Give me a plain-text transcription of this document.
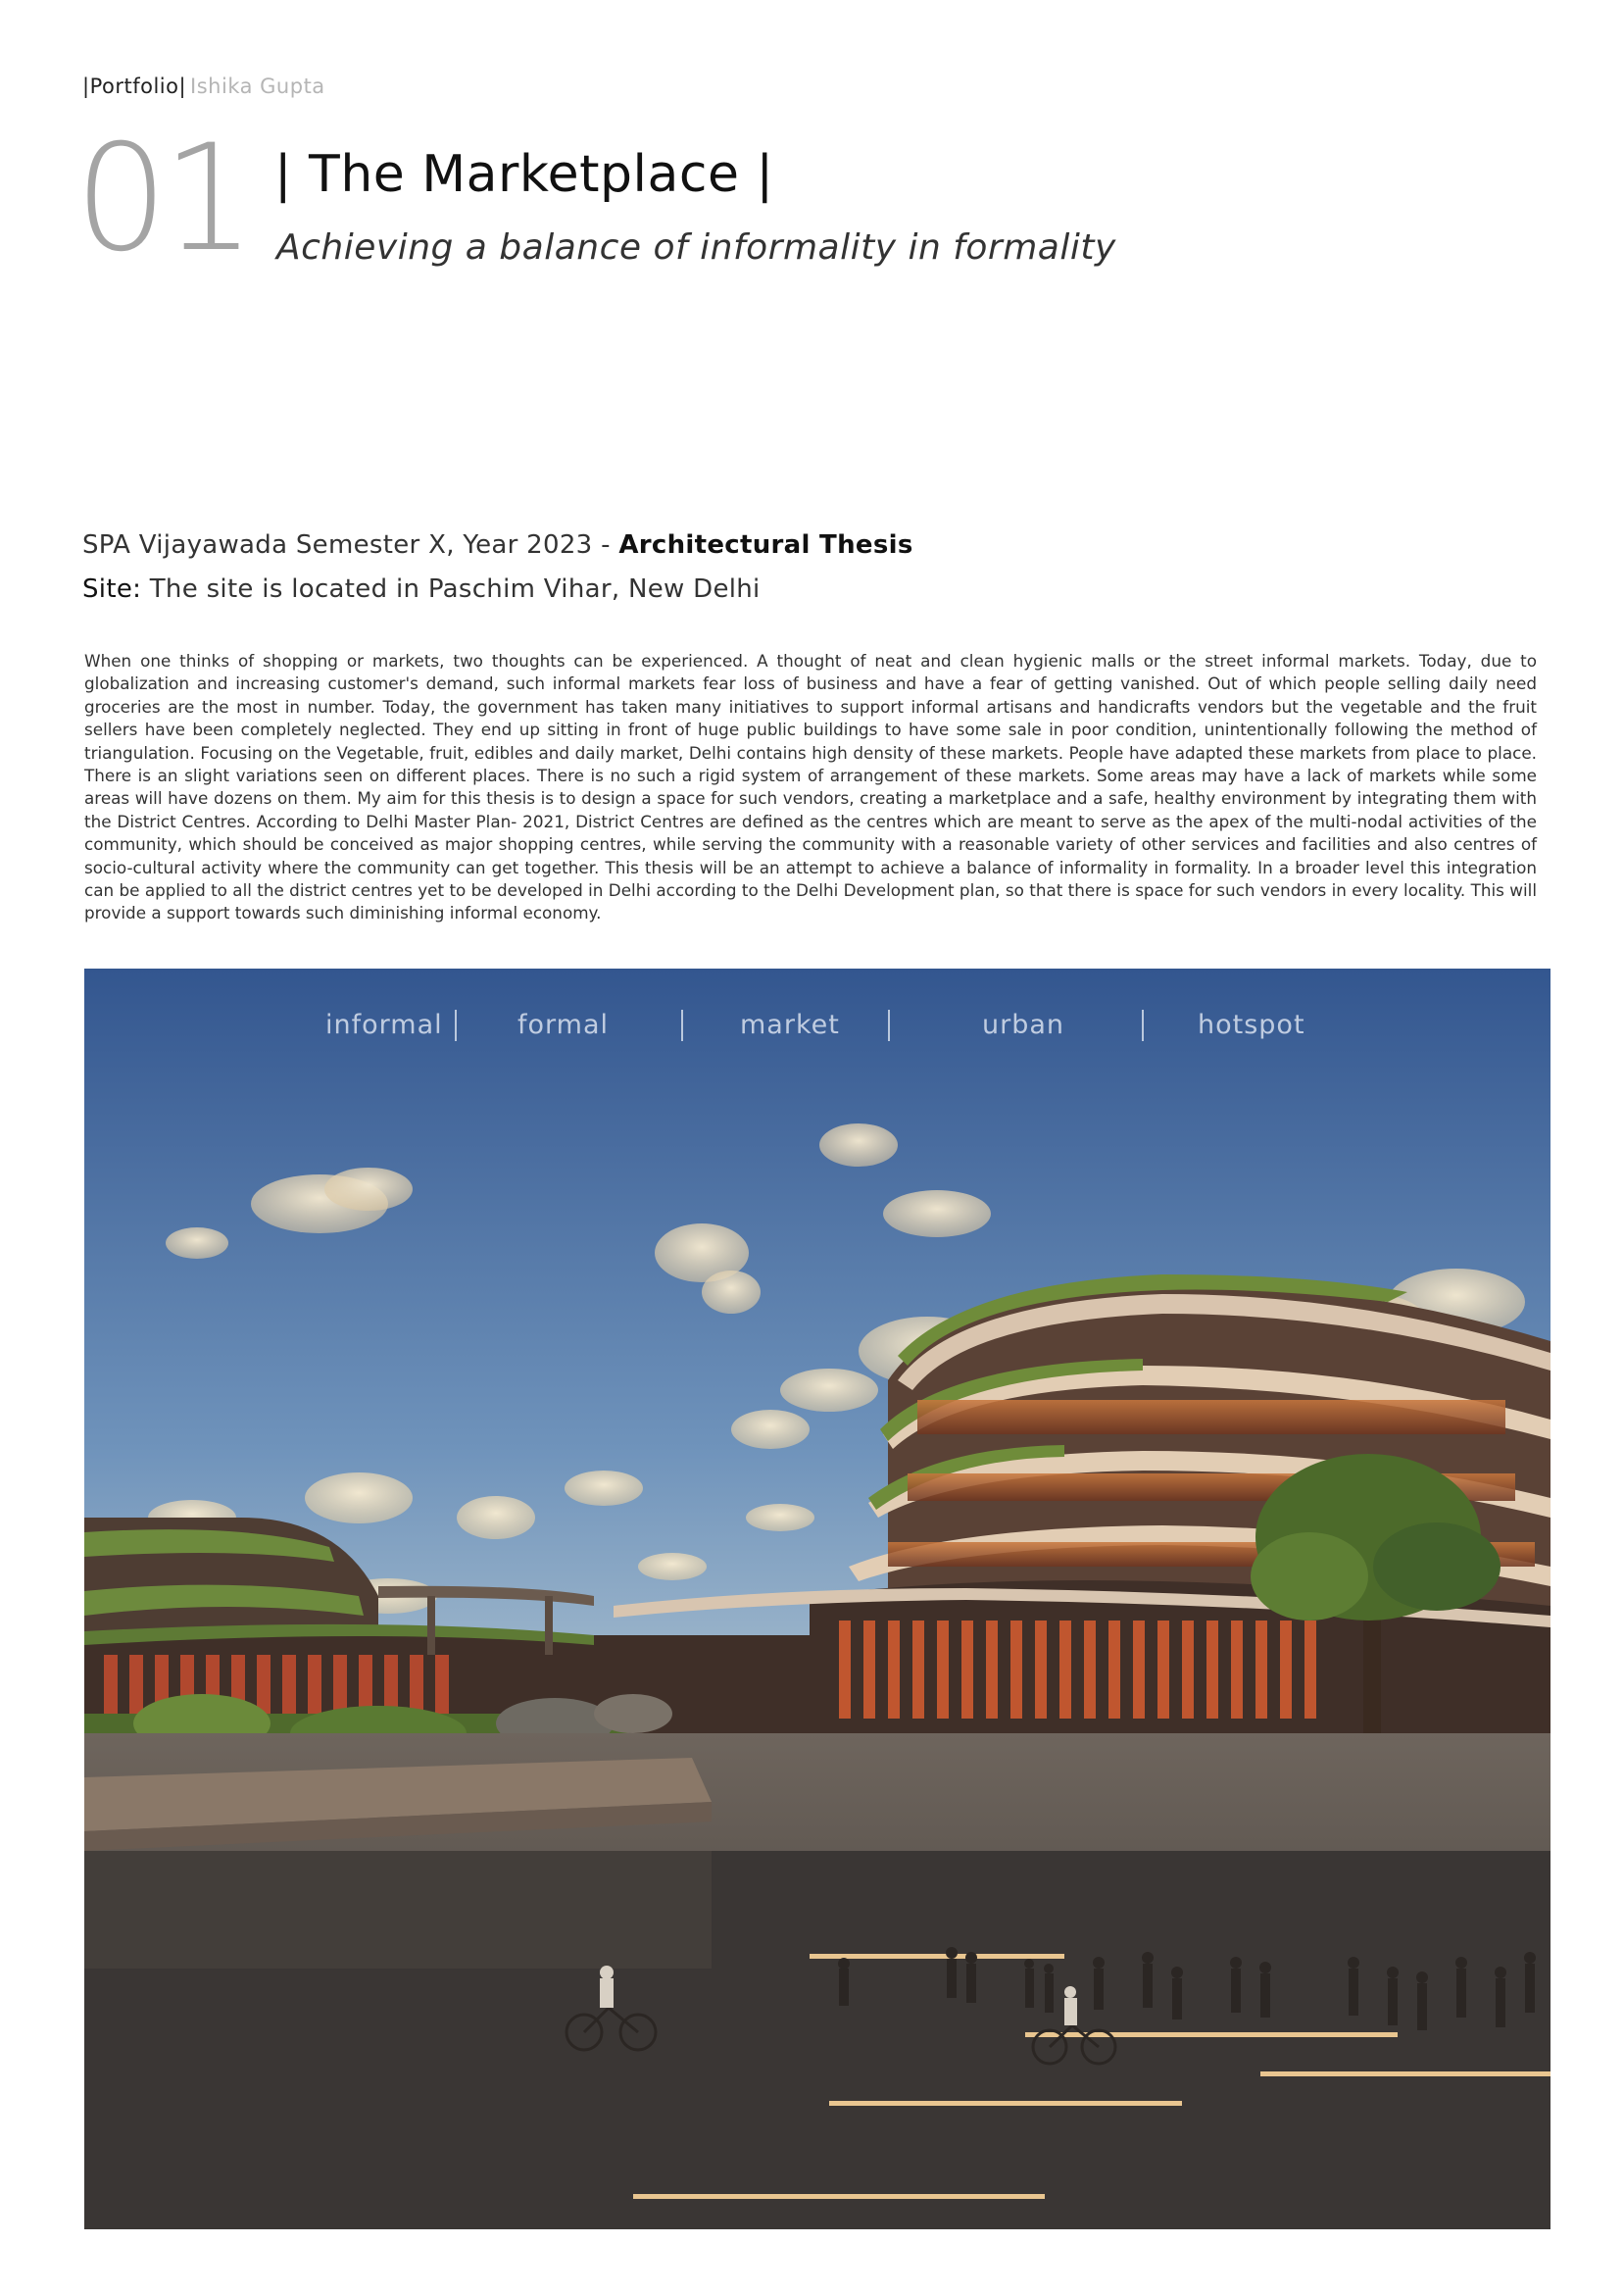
|Portfolio| Ishika Gupta
01 | The Marketplace |
Achieving a balance of informality in formality
SPA Vijayawada Semester X, Year 2023 - Architectural Thesis
Site: The site is located in Paschim Vihar, New Delhi
When one thinks of shopping or markets, two thoughts can be experienced. A thought of neat and clean hygienic malls or the street informal markets. Today, due to globalization and increasing customer's demand, such informal markets fear loss of business and have a fear of getting vanished. Out of which people selling daily need groceries are the most in number. Today, the government has taken many initiatives to support informal artisans and handicrafts vendors but the vegetable and the fruit sellers have been completely neglected. They end up sitting in front of huge public buildings to have some sale in poor condition, unintentionally following the method of triangulation. Focusing on the Vegetable, fruit, edibles and daily market, Delhi contains high density of these markets. People have adapted these markets from place to place. There is an slight variations seen on different places. There is no such a rigid system of arrangement of these markets. Some areas may have a lack of markets while some areas will have dozens on them. My aim for this thesis is to design a space for such vendors, creating a marketplace and a safe, healthy environment by integrating them with the District Centres. According to Delhi Master Plan- 2021, District Centres are defined as the centres which are meant to serve as the apex of the multi-nodal activities of the community, which should be conceived as major shopping centres, while serving the community with a reasonable variety of other services and facilities and also centres of socio-cultural activity where the community can get together. This thesis will be an attempt to achieve a balance of informality in formality. In a broader level this integration can be applied to all the district centres yet to be developed in Delhi according to the Delhi Development plan, so that there is space for such vendors in every locality. This will provide a support towards such diminishing informal economy.
informal	formal	market	urban	hotspot
